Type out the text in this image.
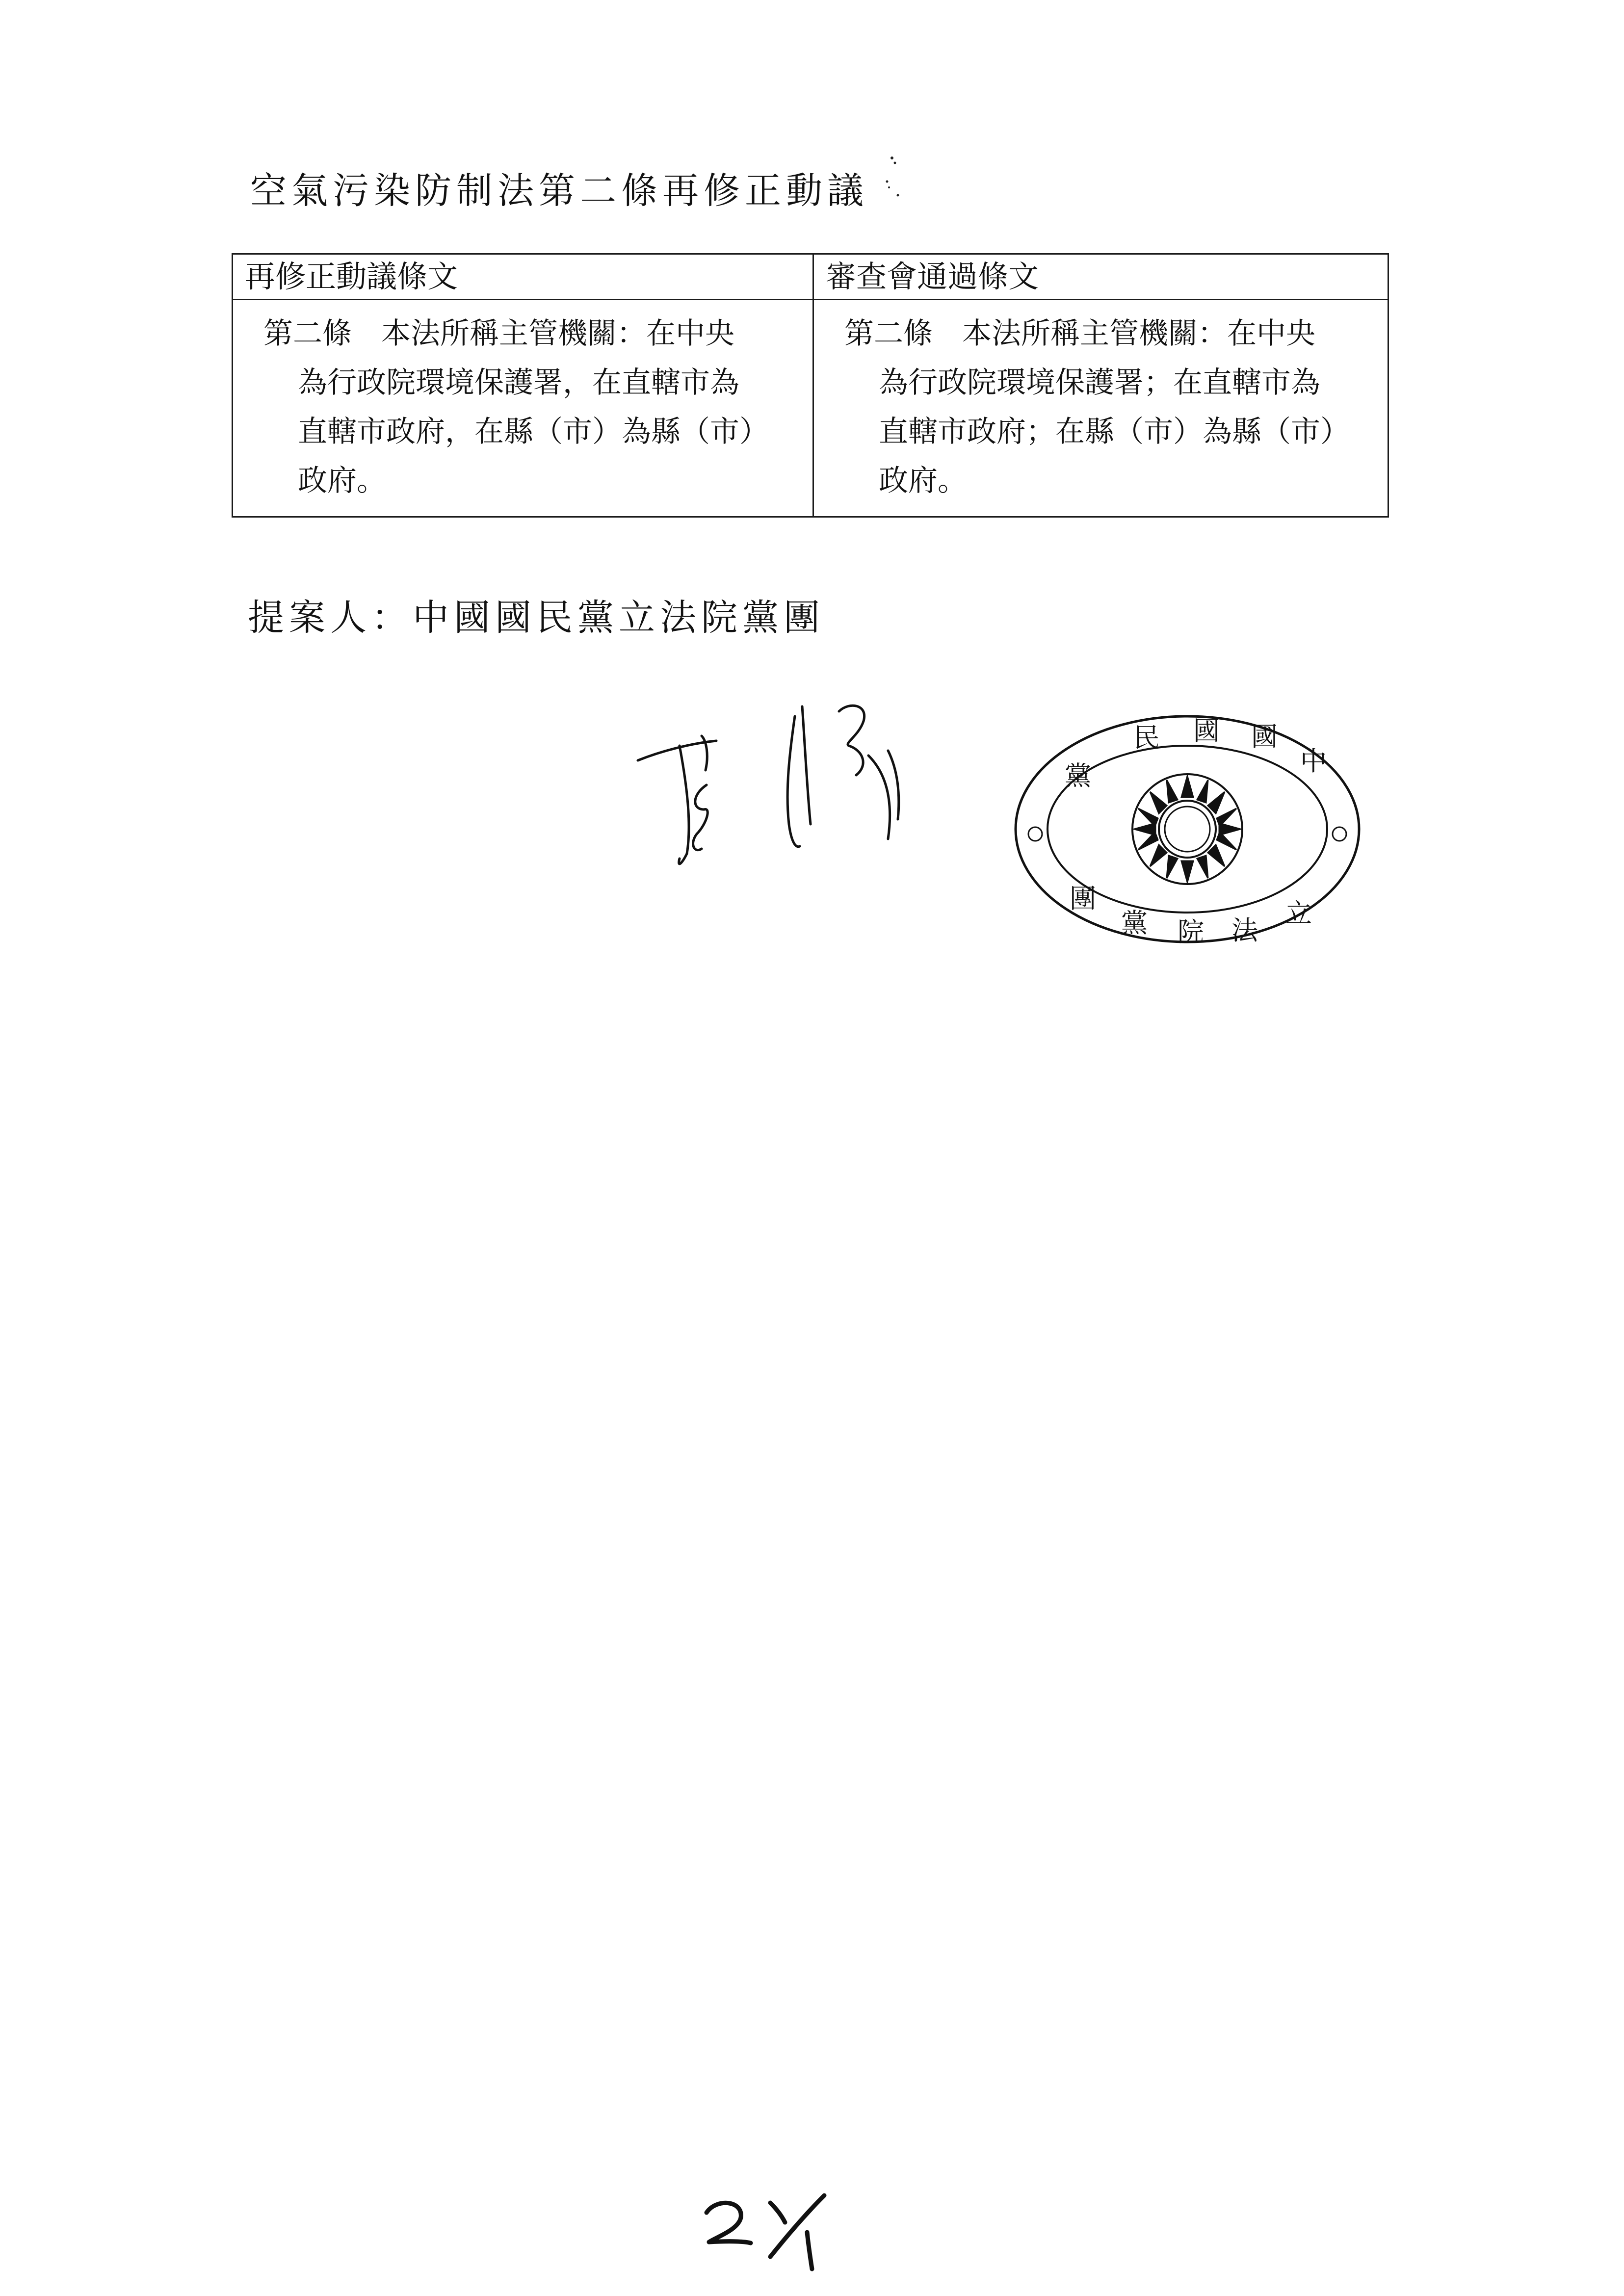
空氣污染防制法第二條再修正動議
再修正動議條文	審查會通過條文

第二條　本法所稱主管機關：在中央
為行政院環境保護署，在直轄市為
直轄市政府，在縣（市）為縣（市）
政府。	第二條　本法所稱主管機關：在中央
為行政院環境保護署；在直轄市為
直轄市政府；在縣（市）為縣（市）
政府。
提案人：中國國民黨立法院黨團
中
國
國
民
黨
立
法
院
黨
團
